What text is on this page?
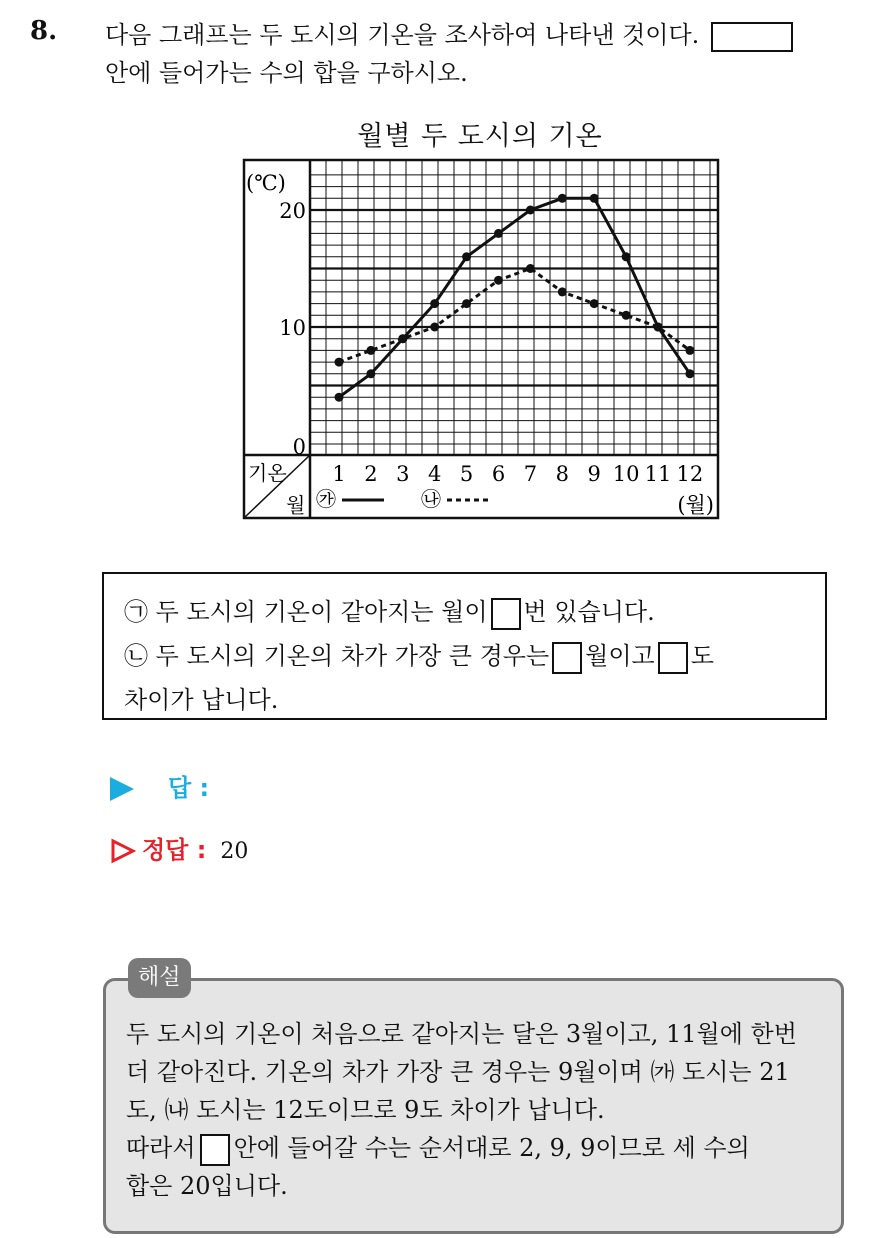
8. 다음 그래프는 두 도시의 기온을 조사하여 나타낸 것이다.
안에 들어가는 수의 합을 구하시오.
월별 두 도시의 기온
기온
월
(℃)
0
10
20
1 2 3 4 5 6 7 8 9 10 11 12
(월)
㉮	㉯
㉠ 두 도시의 기온이 같아지는 월이 번 있습니다.
㉡ 두 도시의 기온의 차가 가장 큰 경우는 월이고 도
차이가 납니다.
답 :
정답 : 20
두 도시의 기온이 처음으로 같아지는 달은 3월이고, 11월에 한번
더 같아진다. 기온의 차가 가장 큰 경우는 9월이며 ㈎ 도시는 21
도, ㈏ 도시는 12도이므로 9도 차이가 납니다.
따라서 안에 들어갈 수는 순서대로 2, 9, 9이므로 세 수의
합은 20입니다.
해설
